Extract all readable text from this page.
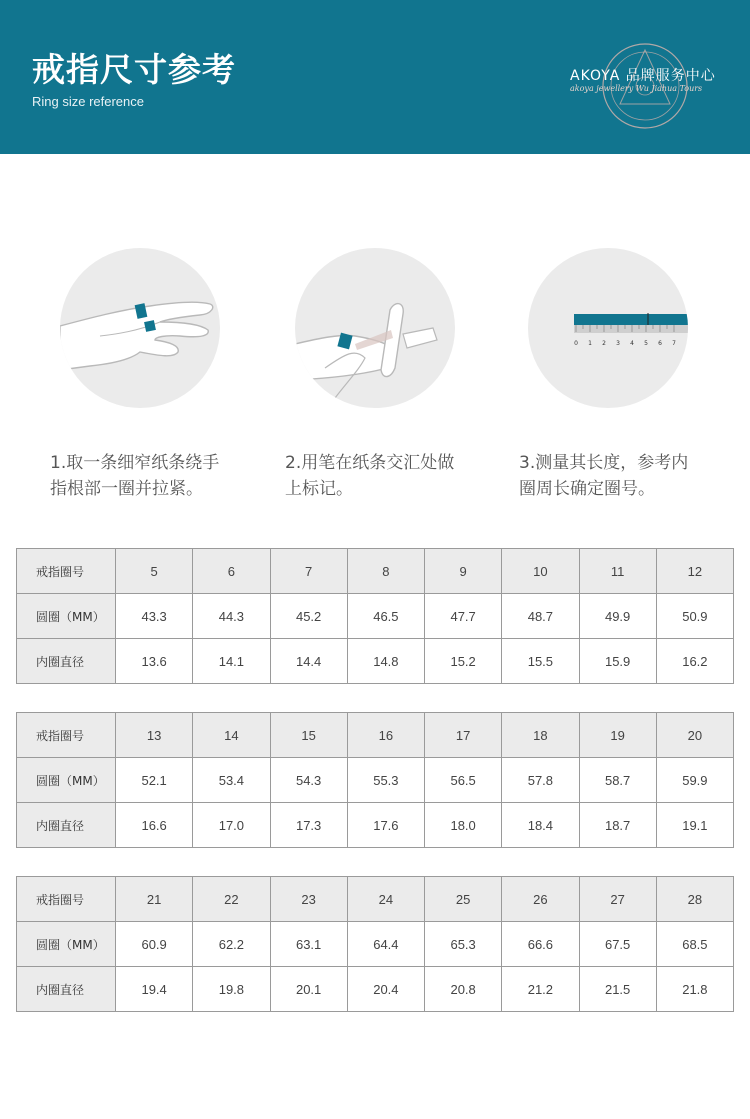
戒指尺寸参考
Ring size reference
AKOYA 品牌服务中心
akoya jewellery Wu Jiahua Tours
0 1 2 3 4 5 6 7
1.取一条细窄纸条绕手
指根部一圈并拉紧。
2.用笔在纸条交汇处做
上标记。
3.测量其长度，参考内
圈周长确定圈号。
戒指圈号	5	6	7	8	9	10	11	12
圆圈（MM）	43.3	44.3	45.2	46.5	47.7	48.7	49.9	50.9
内圈直径	13.6	14.1	14.4	14.8	15.2	15.5	15.9	16.2
戒指圈号	13	14	15	16	17	18	19	20
圆圈（MM）	52.1	53.4	54.3	55.3	56.5	57.8	58.7	59.9
内圈直径	16.6	17.0	17.3	17.6	18.0	18.4	18.7	19.1
戒指圈号	21	22	23	24	25	26	27	28
圆圈（MM）	60.9	62.2	63.1	64.4	65.3	66.6	67.5	68.5
内圈直径	19.4	19.8	20.1	20.4	20.8	21.2	21.5	21.8
